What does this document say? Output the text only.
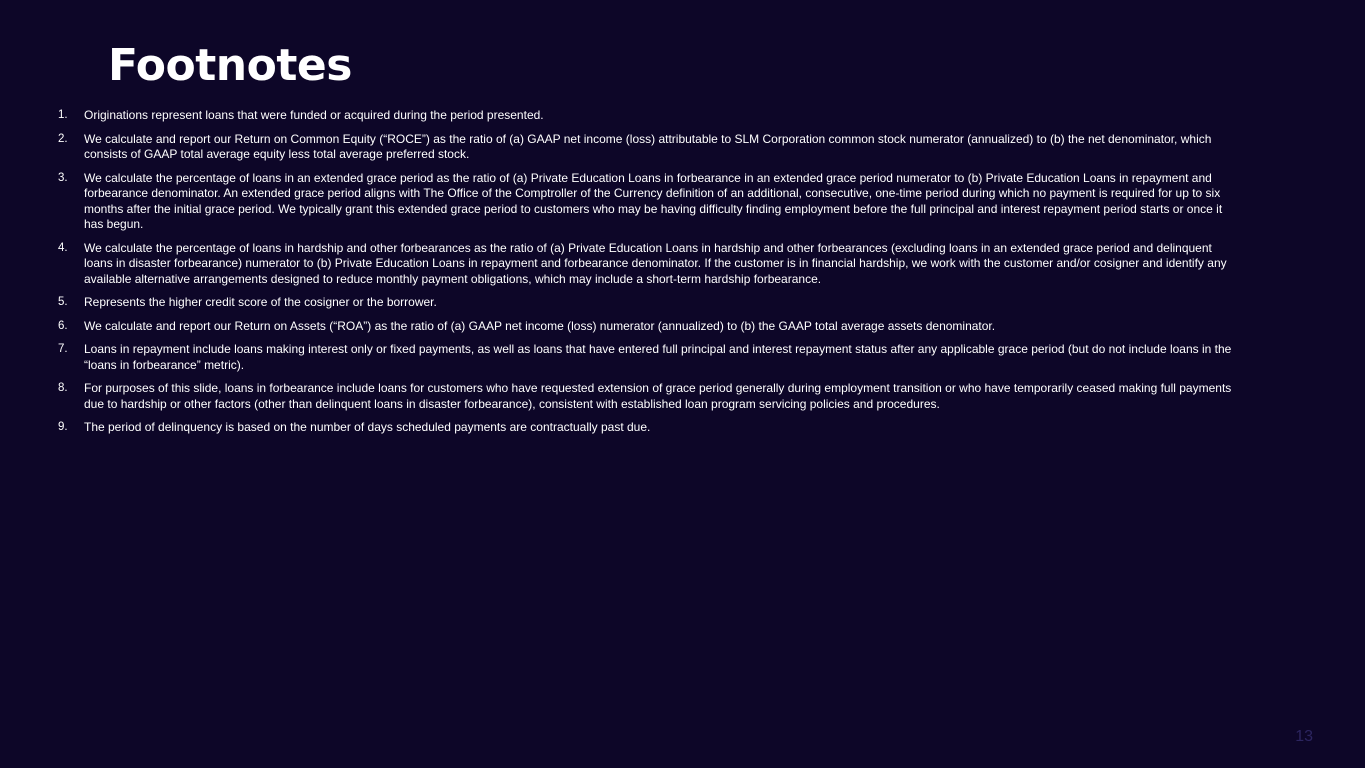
Footnotes
1.	Originations represent loans that were funded or acquired during the period presented.
2.	We calculate and report our Return on Common Equity (“ROCE”) as the ratio of (a) GAAP net income (loss) attributable to SLM Corporation common stock numerator (annualized) to (b) the net denominator, which consists of GAAP total average equity less total average preferred stock.
3.	We calculate the percentage of loans in an extended grace period as the ratio of (a) Private Education Loans in forbearance in an extended grace period numerator to (b) Private Education Loans in repayment and forbearance denominator. An extended grace period aligns with The Office of the Comptroller of the Currency definition of an additional, consecutive, one-time period during which no payment is required for up to six months after the initial grace period. We typically grant this extended grace period to customers who may be having difficulty finding employment before the full principal and interest repayment period starts or once it has begun.
4.	We calculate the percentage of loans in hardship and other forbearances as the ratio of (a) Private Education Loans in hardship and other forbearances (excluding loans in an extended grace period and delinquent loans in disaster forbearance) numerator to (b) Private Education Loans in repayment and forbearance denominator. If the customer is in financial hardship, we work with the customer and/or cosigner and identify any available alternative arrangements designed to reduce monthly payment obligations, which may include a short-term hardship forbearance.
5.	Represents the higher credit score of the cosigner or the borrower.
6.	We calculate and report our Return on Assets (“ROA”) as the ratio of (a) GAAP net income (loss) numerator (annualized) to (b) the GAAP total average assets denominator.
7.	Loans in repayment include loans making interest only or fixed payments, as well as loans that have entered full principal and interest repayment status after any applicable grace period (but do not include loans in the “loans in forbearance” metric).
8.	For purposes of this slide, loans in forbearance include loans for customers who have requested extension of grace period generally during employment transition or who have temporarily ceased making full payments due to hardship or other factors (other than delinquent loans in disaster forbearance), consistent with established loan program servicing policies and procedures.
9.	The period of delinquency is based on the number of days scheduled payments are contractually past due.
13
